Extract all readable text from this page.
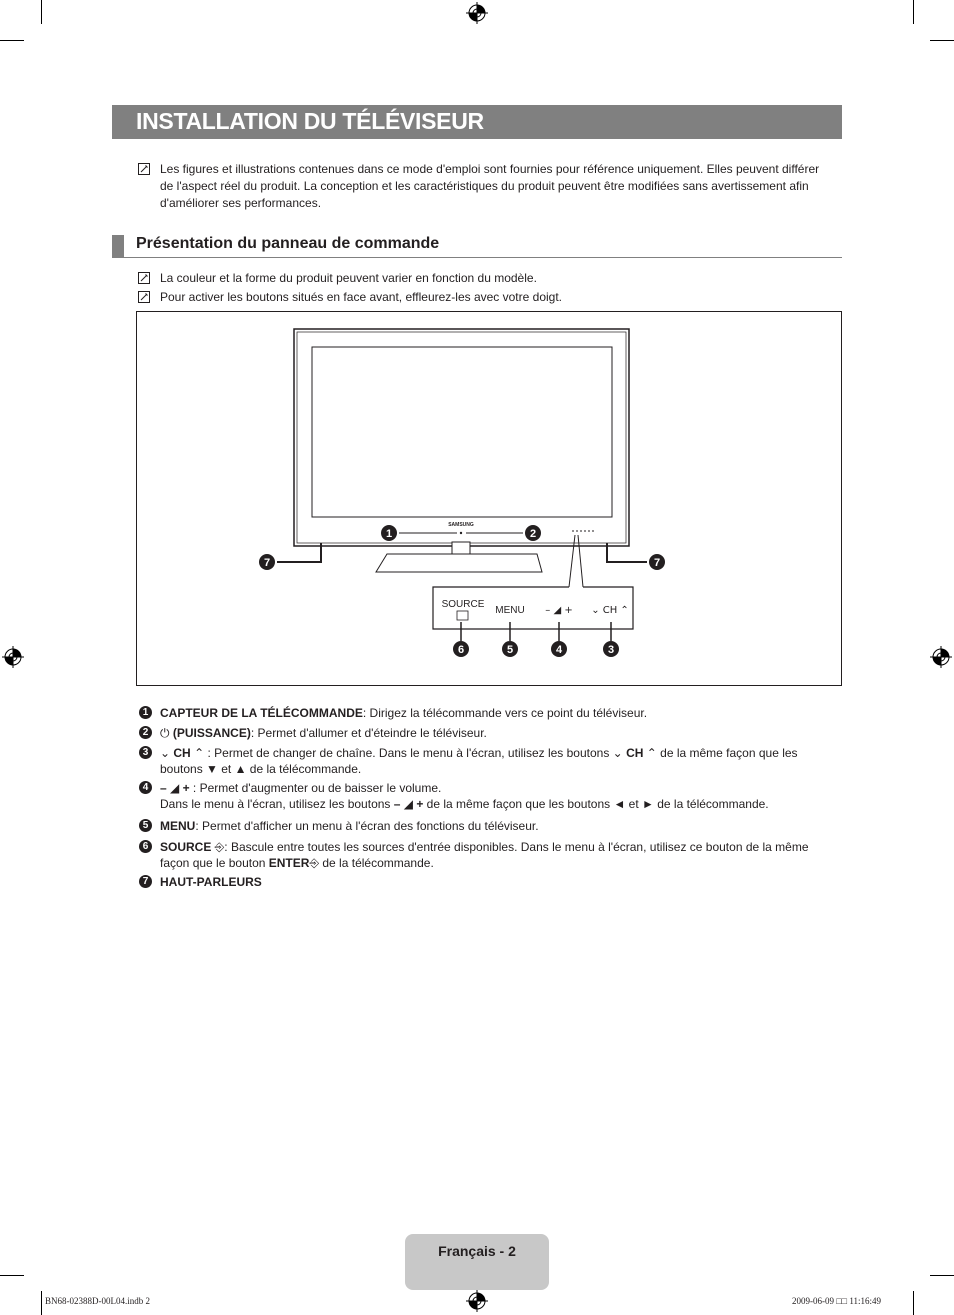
INSTALLATION DU TÉLÉVISEUR
Les figures et illustrations contenues dans ce mode d'emploi sont fournies pour référence uniquement. Elles peuvent différer
de l'aspect réel du produit. La conception et les caractéristiques du produit peuvent être modifiées sans avertissement afin
d'améliorer ses performances.
Présentation du panneau de commande
La couleur et la forme du produit peuvent varier en fonction du modèle.
Pour activer les boutons situés en face avant, effleurez-les avec votre doigt.
SAMSUNG
1	2
7	7
SOURCE
MENU – ◢ + ⌄ CH ⌃
6	5	4	3
1 CAPTEUR DE LA TÉLÉCOMMANDE: Dirigez la télécommande vers ce point du téléviseur.
2 ⏻ (PUISSANCE): Permet d'allumer et d'éteindre le téléviseur.
3 ⌄ CH ⌃ : Permet de changer de chaîne. Dans le menu à l'écran, utilisez les boutons ⌄ CH ⌃ de la même façon que les
boutons ▼ et ▲ de la télécommande.
4 – ◢ + : Permet d'augmenter ou de baisser le volume.
Dans le menu à l'écran, utilisez les boutons – ◢ + de la même façon que les boutons ◄ et ► de la télécommande.
5 MENU: Permet d'afficher un menu à l'écran des fonctions du téléviseur.
6 SOURCE ⎆: Bascule entre toutes les sources d'entrée disponibles. Dans le menu à l'écran, utilisez ce bouton de la même
façon que le bouton ENTER⎆ de la télécommande.
7 HAUT-PARLEURS
Français - 2
BN68-02388D-00L04.indb 2	2009-06-09 □□ 11:16:49
